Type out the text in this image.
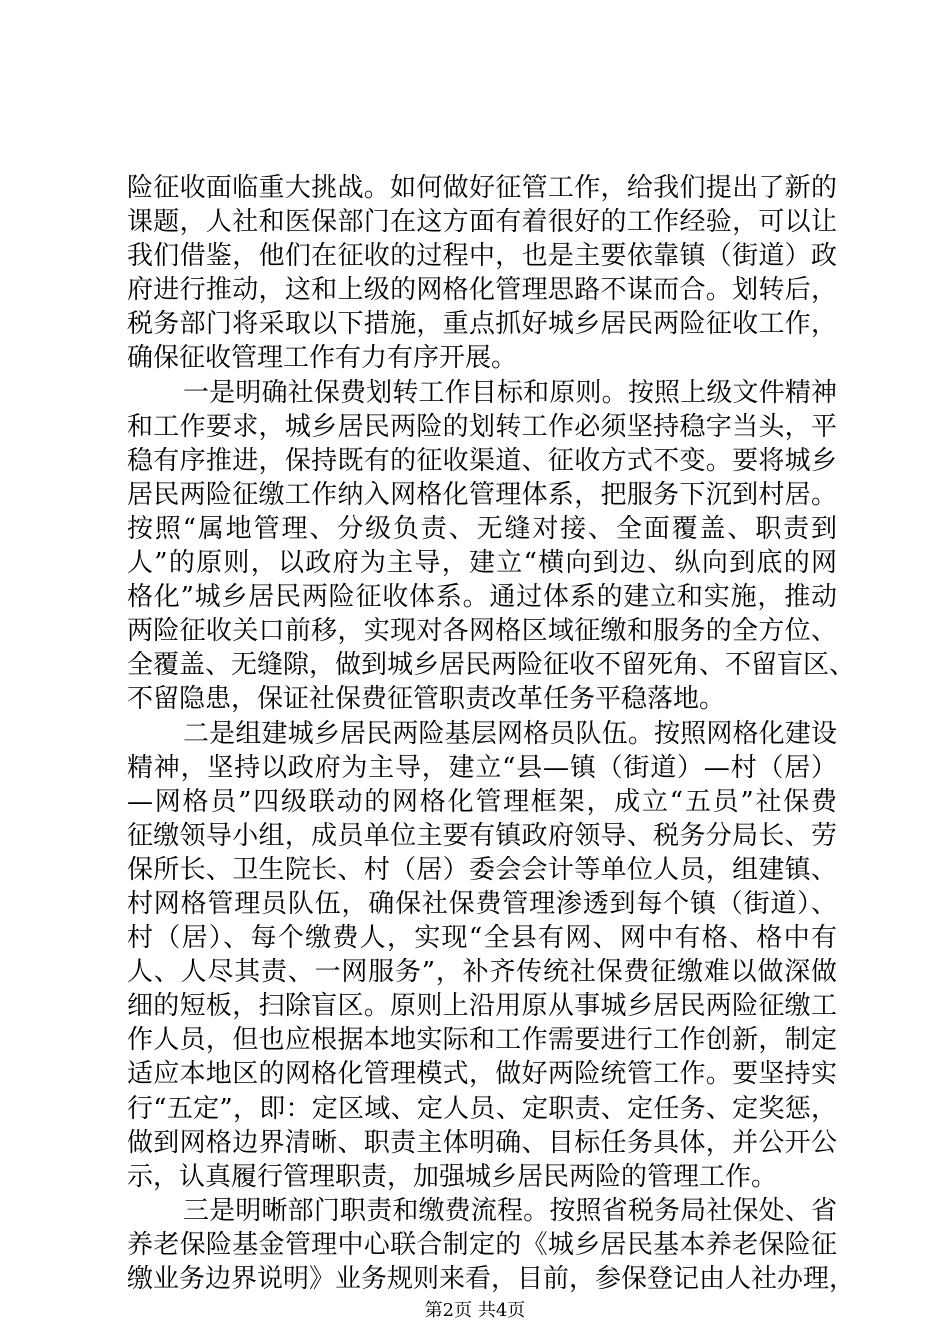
险征收面临重大挑战。如何做好征管工作，给我们提出了新的
课题，人社和医保部门在这方面有着很好的工作经验，可以让
我们借鉴，他们在征收的过程中，也是主要依靠镇（街道）政
府进行推动，这和上级的网格化管理思路不谋而合。划转后，
税务部门将采取以下措施，重点抓好城乡居民两险征收工作，
确保征收管理工作有力有序开展。
一是明确社保费划转工作目标和原则。按照上级文件精神
和工作要求，城乡居民两险的划转工作必须坚持稳字当头，平
稳有序推进，保持既有的征收渠道、征收方式不变。要将城乡
居民两险征缴工作纳入网格化管理体系，把服务下沉到村居。
按照“属地管理、分级负责、无缝对接、全面覆盖、职责到
人”的原则，以政府为主导，建立“横向到边、纵向到底的网
格化”城乡居民两险征收体系。通过体系的建立和实施，推动
两险征收关口前移，实现对各网格区域征缴和服务的全方位、
全覆盖、无缝隙，做到城乡居民两险征收不留死角、不留盲区、
不留隐患，保证社保费征管职责改革任务平稳落地。
二是组建城乡居民两险基层网格员队伍。按照网格化建设
精神，坚持以政府为主导，建立“县—镇（街道）—村（居）
—网格员”四级联动的网格化管理框架，成立“五员”社保费
征缴领导小组，成员单位主要有镇政府领导、税务分局长、劳
保所长、卫生院长、村（居）委会会计等单位人员，组建镇、
村网格管理员队伍，确保社保费管理渗透到每个镇（街道）、
村（居）、每个缴费人，实现“全县有网、网中有格、格中有
人、人尽其责、一网服务”，补齐传统社保费征缴难以做深做
细的短板，扫除盲区。原则上沿用原从事城乡居民两险征缴工
作人员，但也应根据本地实际和工作需要进行工作创新，制定
适应本地区的网格化管理模式，做好两险统管工作。要坚持实
行“五定”，即：定区域、定人员、定职责、定任务、定奖惩，
做到网格边界清晰、职责主体明确、目标任务具体，并公开公
示，认真履行管理职责，加强城乡居民两险的管理工作。
三是明晰部门职责和缴费流程。按照省税务局社保处、省
养老保险基金管理中心联合制定的《城乡居民基本养老保险征
缴业务边界说明》业务规则来看，目前，参保登记由人社办理，
第2页 共4页
